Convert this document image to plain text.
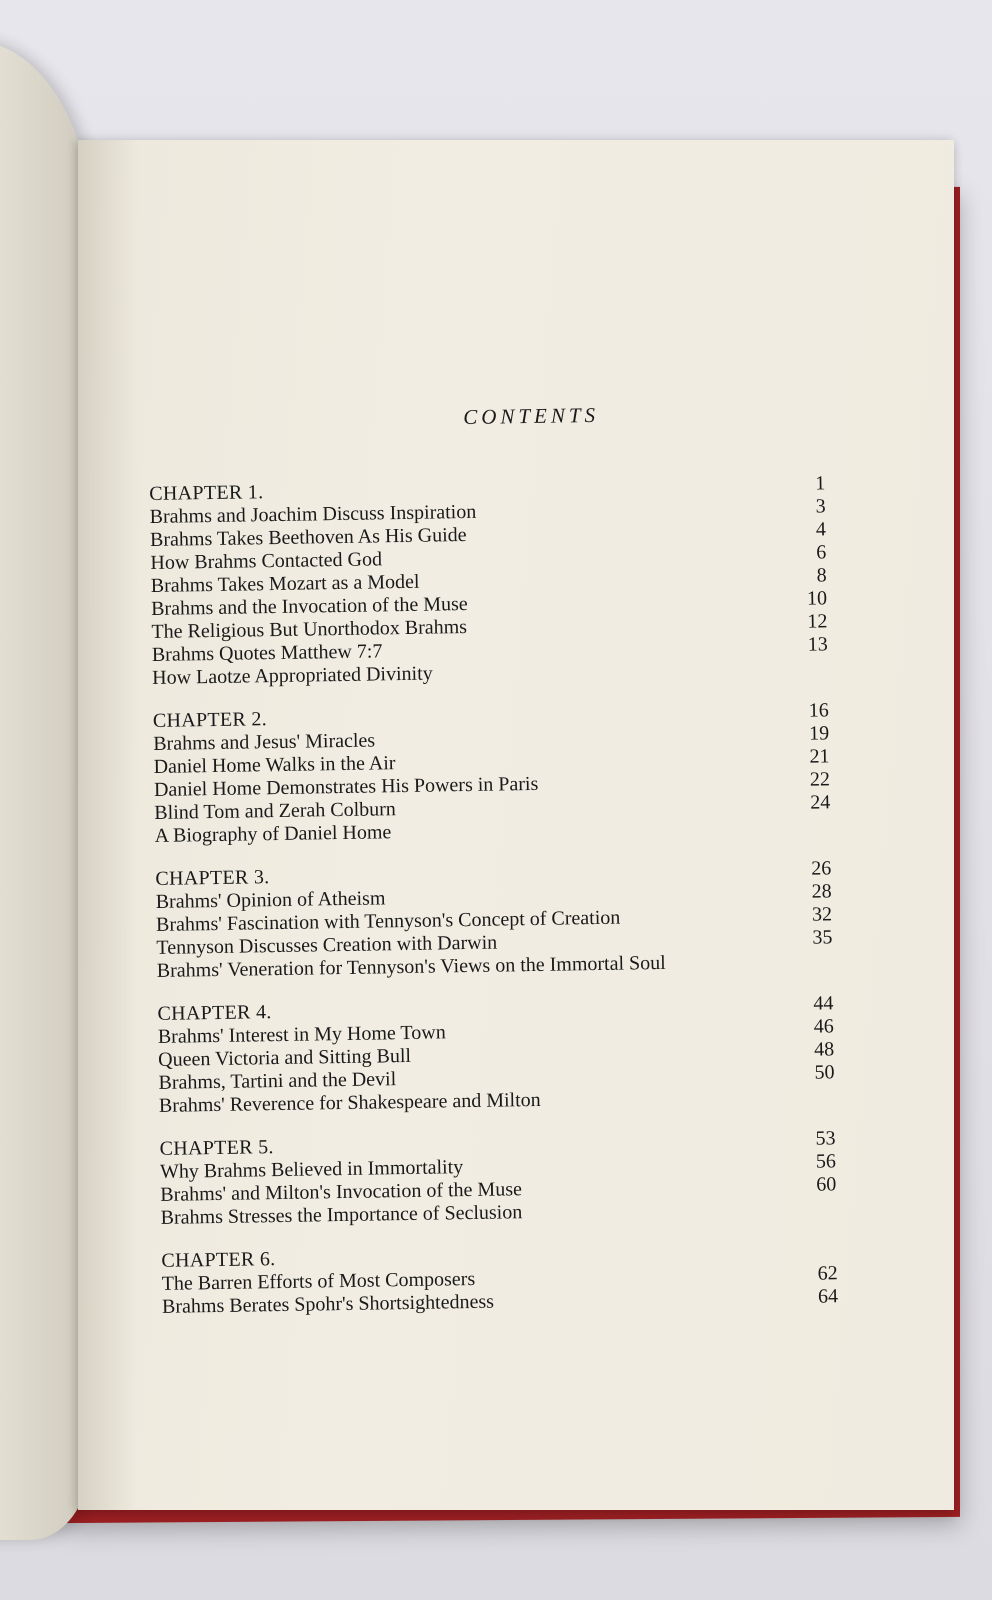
CONTENTS
CHAPTER 1.	1
Brahms and Joachim Discuss Inspiration	3
Brahms Takes Beethoven As His Guide	4
How Brahms Contacted God	6
Brahms Takes Mozart as a Model	8
Brahms and the Invocation of the Muse	10
The Religious But Unorthodox Brahms	12
Brahms Quotes Matthew 7:7	13
How Laotze Appropriated Divinity
CHAPTER 2.	16
Brahms and Jesus' Miracles	19
Daniel Home Walks in the Air	21
Daniel Home Demonstrates His Powers in Paris	22
Blind Tom and Zerah Colburn	24
A Biography of Daniel Home
CHAPTER 3.	26
Brahms' Opinion of Atheism	28
Brahms' Fascination with Tennyson's Concept of Creation	32
Tennyson Discusses Creation with Darwin	35
Brahms' Veneration for Tennyson's Views on the Immortal Soul
CHAPTER 4.	44
Brahms' Interest in My Home Town	46
Queen Victoria and Sitting Bull	48
Brahms, Tartini and the Devil	50
Brahms' Reverence for Shakespeare and Milton
CHAPTER 5.	53
Why Brahms Believed in Immortality	56
Brahms' and Milton's Invocation of the Muse	60
Brahms Stresses the Importance of Seclusion
CHAPTER 6.
The Barren Efforts of Most Composers	62
Brahms Berates Spohr's Shortsightedness	64
